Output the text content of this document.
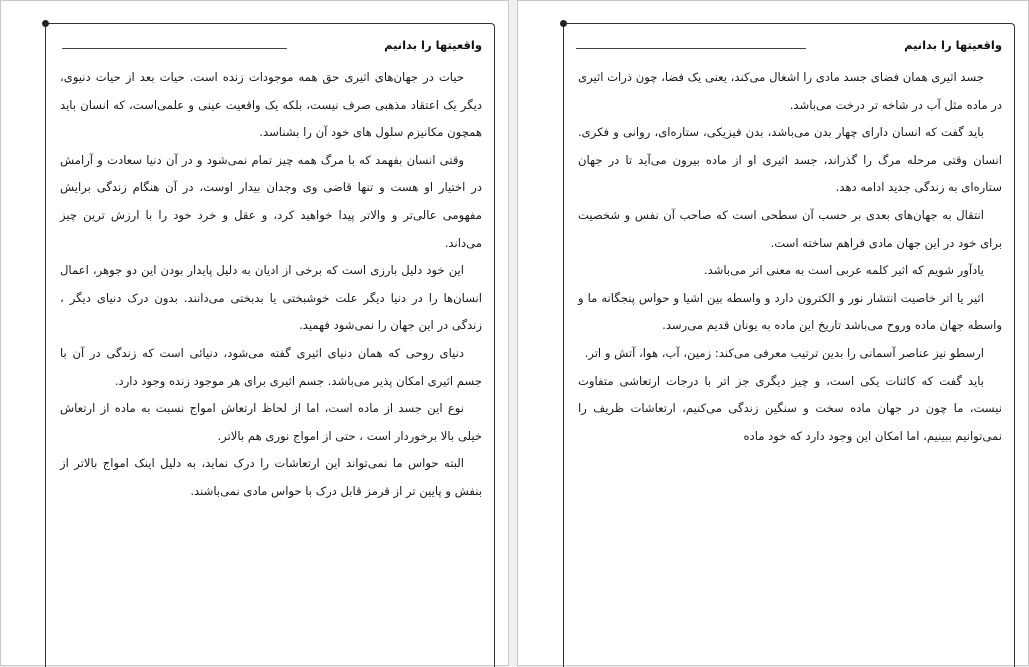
واقعیتها را بدانیم

حیات در جهان‌های اثیری حق همه موجودات زنده است. حیات بعد از حیات دنیوی، دیگر یک اعتقاد مذهبی صرف نیست، بلکه یک واقعیت عینی و علمی‌است، که انسان باید همچون مکانیزم سلول های خود آن را بشناسد.

وقتی انسان بفهمد که با مرگ همه چیز تمام نمی‌شود و در آن دنیا سعادت و آرامش در اختیار او هست و تنها قاضی وی وجدان بیدار اوست، در آن هنگام زندگی برایش مفهومی عالی‌تر و والاتر پیدا خواهید کرد، و عقل و خرد خود را با ارزش ترین چیز می‌داند.

این خود دلیل بارزی است که برخی از ادیان به دلیل پایدار بودن این دو جوهر، اعمال انسان‌ها را در دنیا دیگر علت خوشبختی یا بدبختی می‌دانند. بدون درک دنیای دیگر ، زندگی در این جهان را نمی‌شود فهمید.

دنیای روحی که همان دنیای اثیری گفته می‌شود، دنیائی است که زندگی در آن با جسم اثیری امکان پذیر می‌باشد. جسم اثیری برای هر موجود زنده وجود دارد.

نوع این جسد از ماده است، اما از لحاظ ارتعاش امواج نسبت به ماده از ارتعاش خیلی بالا برخوردار است ، حتی از امواج نوری هم بالاتر.

البته حواس ما نمی‌تواند این ارتعاشات را درک نماید، به دلیل اینک امواج بالاتر از بنفش و پایین تر از قرمز قابل درک با حواس مادی نمی‌باشند.

واقعیتها را بدانیم

جسد اثیری همان فضای جسد مادی را اشغال می‌کند، یعنی یک فضا، چون ذرات اثیری در ماده مثل آب در شاخه تر درخت می‌باشد.

باید گفت که انسان دارای چهار بدن می‌باشد، بدن فیزیکی، ستاره‌ای، روانی و فکری. انسان وقتی مرحله مرگ را گذراند، جسد اثیری او از ماده بیرون می‌آید تا در جهان ستاره‌ای به زندگی جدید ادامه دهد.

انتقال به جهان‌های بعدی بر حسب آن سطحی است که صاحب آن نفس و شخصیت برای خود در این جهان مادی فراهم ساخته است.

یادآور شویم که اثیر کلمه عربی است به معنی اتر می‌باشد.

اثیر یا اتر خاصیت انتشار نور و الکترون دارد و واسطه بین اشیا و حواس پنجگانه ما و واسطه جهان ماده وروح می‌باشد تاریخ این ماده به یونان قدیم می‌رسد.

ارسطو نیز عناصر آسمانی را بدین ترتیب معرفی می‌کند: زمین، آب، هوا، آتش و اتر.

باید گفت که کائنات یکی است، و چیز دیگری جز اتر با درجات ارتعاشی متفاوت نیست، ما چون در جهان ماده سخت و سنگین زندگی می‌کنیم، ارتعاشات ظریف را نمی‌توانیم ببینیم، اما امکان این وجود دارد که خود ماده
